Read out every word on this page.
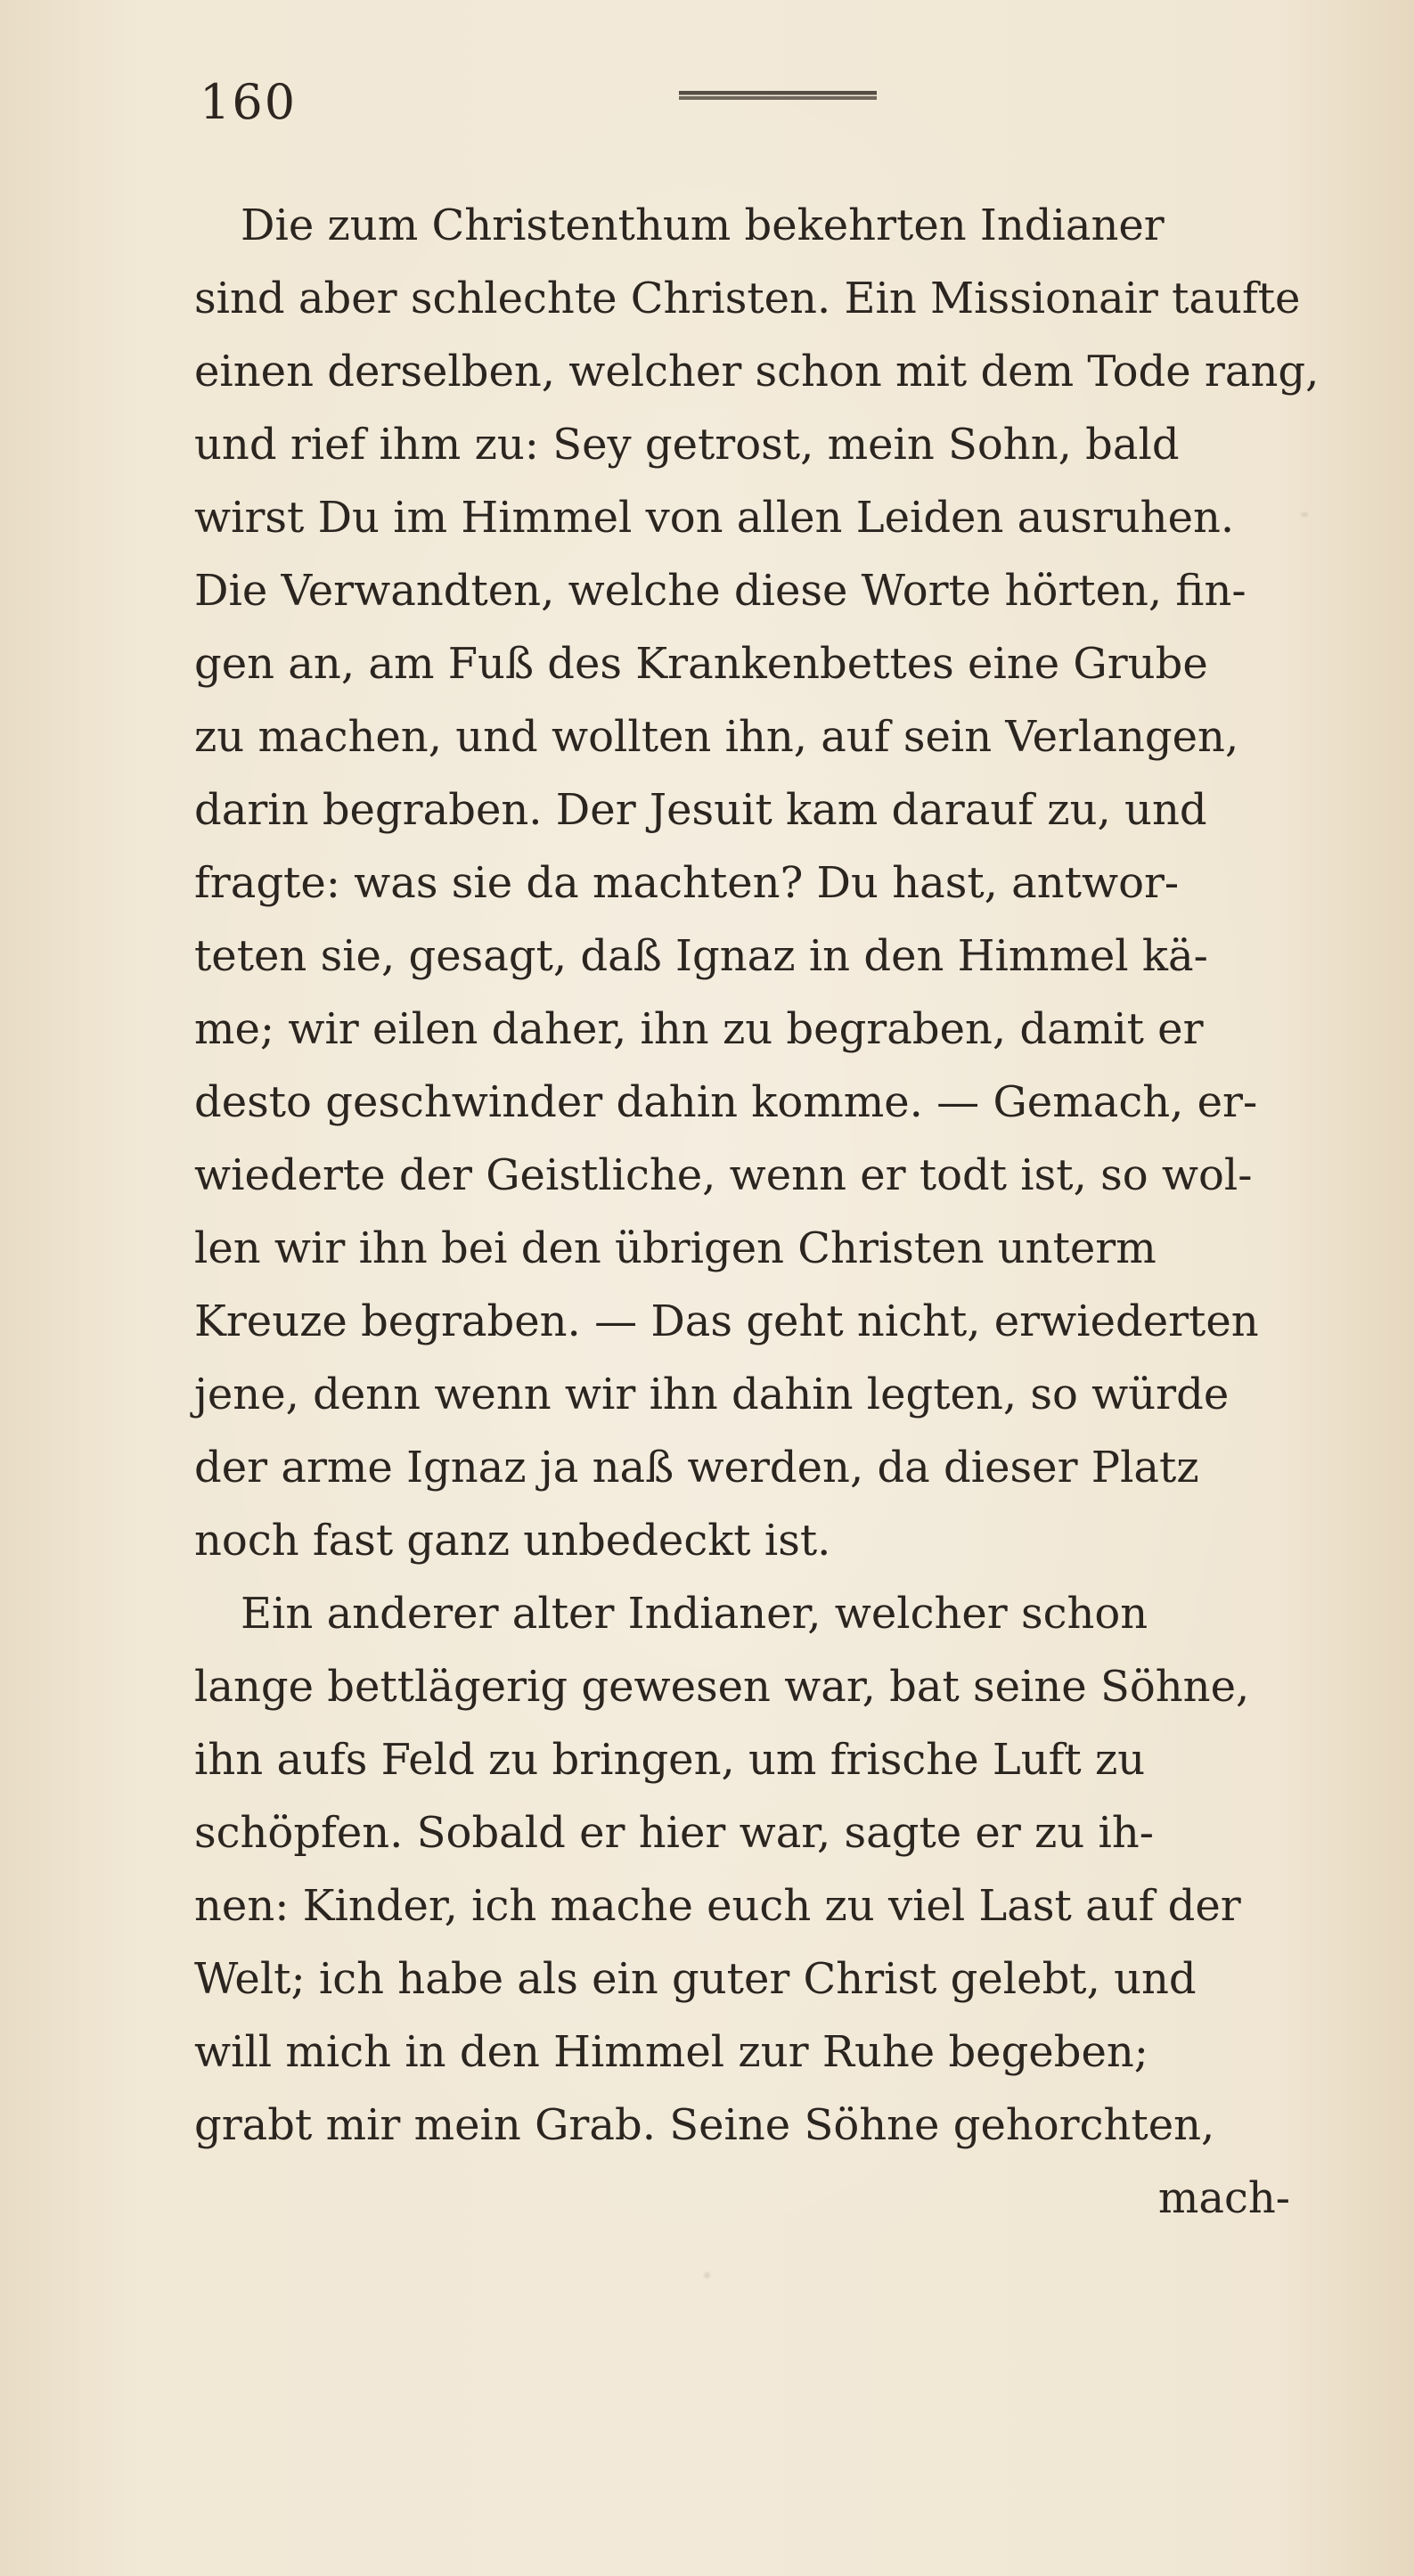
160
Die zum Christenthum bekehrten Indianer
sind aber schlechte Christen. Ein Missionair taufte
einen derselben, welcher schon mit dem Tode rang,
und rief ihm zu: Sey getrost, mein Sohn, bald
wirst Du im Himmel von allen Leiden ausruhen.
Die Verwandten, welche diese Worte hörten, fin-
gen an, am Fuß des Krankenbettes eine Grube
zu machen, und wollten ihn, auf sein Verlangen,
darin begraben. Der Jesuit kam darauf zu, und
fragte: was sie da machten? Du hast, antwor-
teten sie, gesagt, daß Ignaz in den Himmel kä-
me; wir eilen daher, ihn zu begraben, damit er
desto geschwinder dahin komme. — Gemach, er-
wiederte der Geistliche, wenn er todt ist, so wol-
len wir ihn bei den übrigen Christen unterm
Kreuze begraben. — Das geht nicht, erwiederten
jene, denn wenn wir ihn dahin legten, so würde
der arme Ignaz ja naß werden, da dieser Platz
noch fast ganz unbedeckt ist.
Ein anderer alter Indianer, welcher schon
lange bettlägerig gewesen war, bat seine Söhne,
ihn aufs Feld zu bringen, um frische Luft zu
schöpfen. Sobald er hier war, sagte er zu ih-
nen: Kinder, ich mache euch zu viel Last auf der
Welt; ich habe als ein guter Christ gelebt, und
will mich in den Himmel zur Ruhe begeben;
grabt mir mein Grab. Seine Söhne gehorchten,
mach-
